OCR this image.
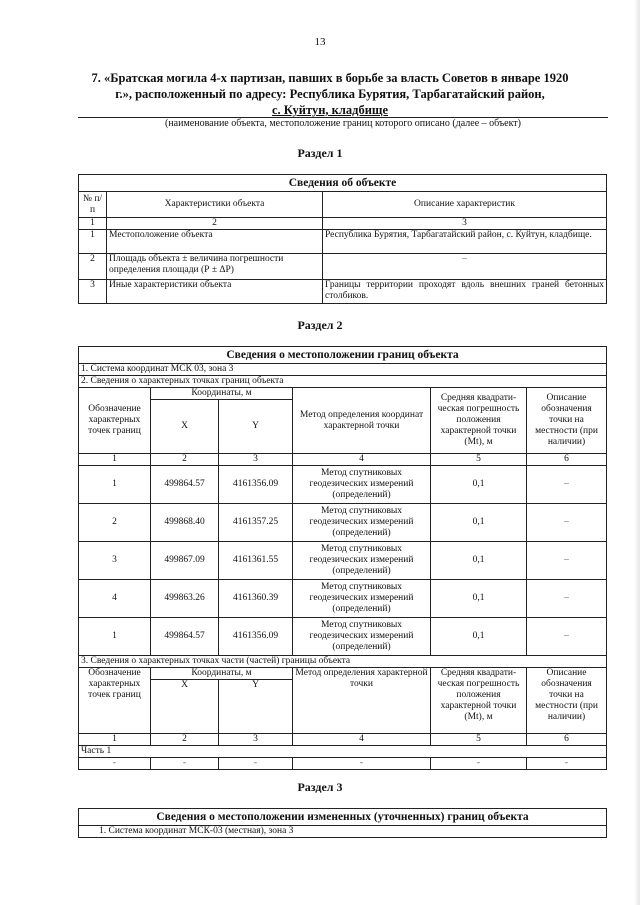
13
7. «Братская могила 4-х партизан, павших в борьбе за власть Советов в январе 1920
г.», расположенный по адресу: Республика Бурятия, Тарбагатайский район,
с. Куйтун, кладбище
(наименование объекта, местоположение границ которого описано (далее – объект)
Раздел 1
Сведения об объекте		
№ п/п	Характеристики объекта	Описание характеристик
1	2	3
1	Местоположение объекта	Республика Бурятия, Тарбагатайский район, с. Куйтун, кладбище.
2	Площадь объекта ± величина погрешности определения площади (Р ± ΔР)	–
3	Иные характеристики объекта	Границы территории проходят вдоль внешних граней бетонных столбиков.
Раздел 2
Сведения о местоположении границ объекта					
1. Система координат МСК 03, зона 3					
2. Сведения о характерных точках границ объекта					
Обозначение характерных точек границ	Координаты, м		Метод определения координат характерной точки	Средняя квадрати-ческая погрешность положения характерной точки (Mt), м	Описание обозначения точки на местности (при наличии)
	X	Y			
1	2	3	4	5	6
1	499864.57	4161356.09	Метод спутниковых геодезических измерений (определений)	0,1	–
2	499868.40	4161357.25	Метод спутниковых геодезических измерений (определений)	0,1	–
3	499867.09	4161361.55	Метод спутниковых геодезических измерений (определений)	0,1	–
4	499863.26	4161360.39	Метод спутниковых геодезических измерений (определений)	0,1	–
1	499864.57	4161356.09	Метод спутниковых геодезических измерений (определений)	0,1	–
3. Сведения о характерных точках части (частей) границы объекта					
Обозначение характерных точек границ	Координаты, м		Метод определения характерной точки	Средняя квадрати-ческая погрешность положения характерной точки (Mt), м	Описание обозначения точки на местности (при наличии)
	X	Y			
1	2	3	4	5	6
Часть 1					
-	-	-	-	-	-
Раздел 3
Сведения о местоположении измененных (уточненных) границ объекта
1. Система координат МСК-03 (местная), зона 3
